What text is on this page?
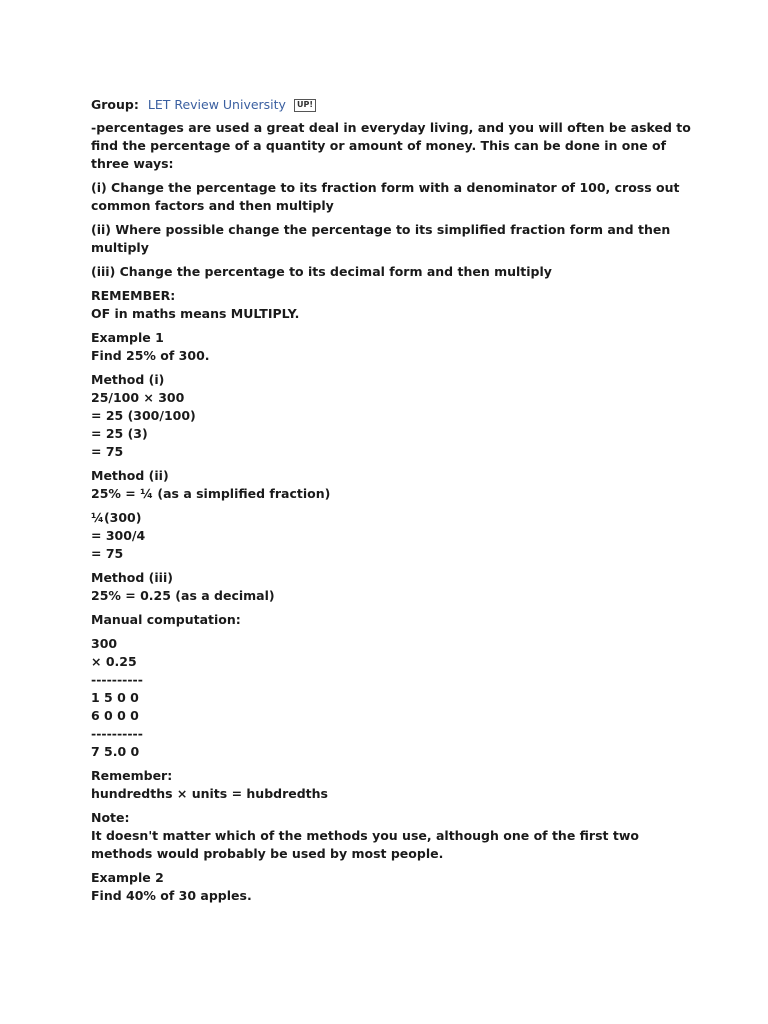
Group: LET Review University	UP!

-percentages are used a great deal in everyday living, and you will often be asked to find the percentage of a quantity or amount of money. This can be done in one of three ways:

(i) Change the percentage to its fraction form with a denominator of 100, cross out common factors and then multiply

(ii) Where possible change the percentage to its simplified fraction form and then multiply

(iii) Change the percentage to its decimal form and then multiply

REMEMBER:
OF in maths means MULTIPLY.
Example 1
Find 25% of 300.
Method (i)
25/100 × 300
= 25 (300/100)
= 25 (3)
= 75
Method (ii)
25% = ¼ (as a simplified fraction)
¼(300)
= 300/4
= 75
Method (iii)
25% = 0.25 (as a decimal)

Manual computation:

300
× 0.25
----------
1 5 0 0
6 0 0 0
----------
7 5.0 0
Remember:
hundredths × units = hubdredths
Note:
It doesn't matter which of the methods you use, although one of the first two methods would probably be used by most people.
Example 2
Find 40% of 30 apples.
